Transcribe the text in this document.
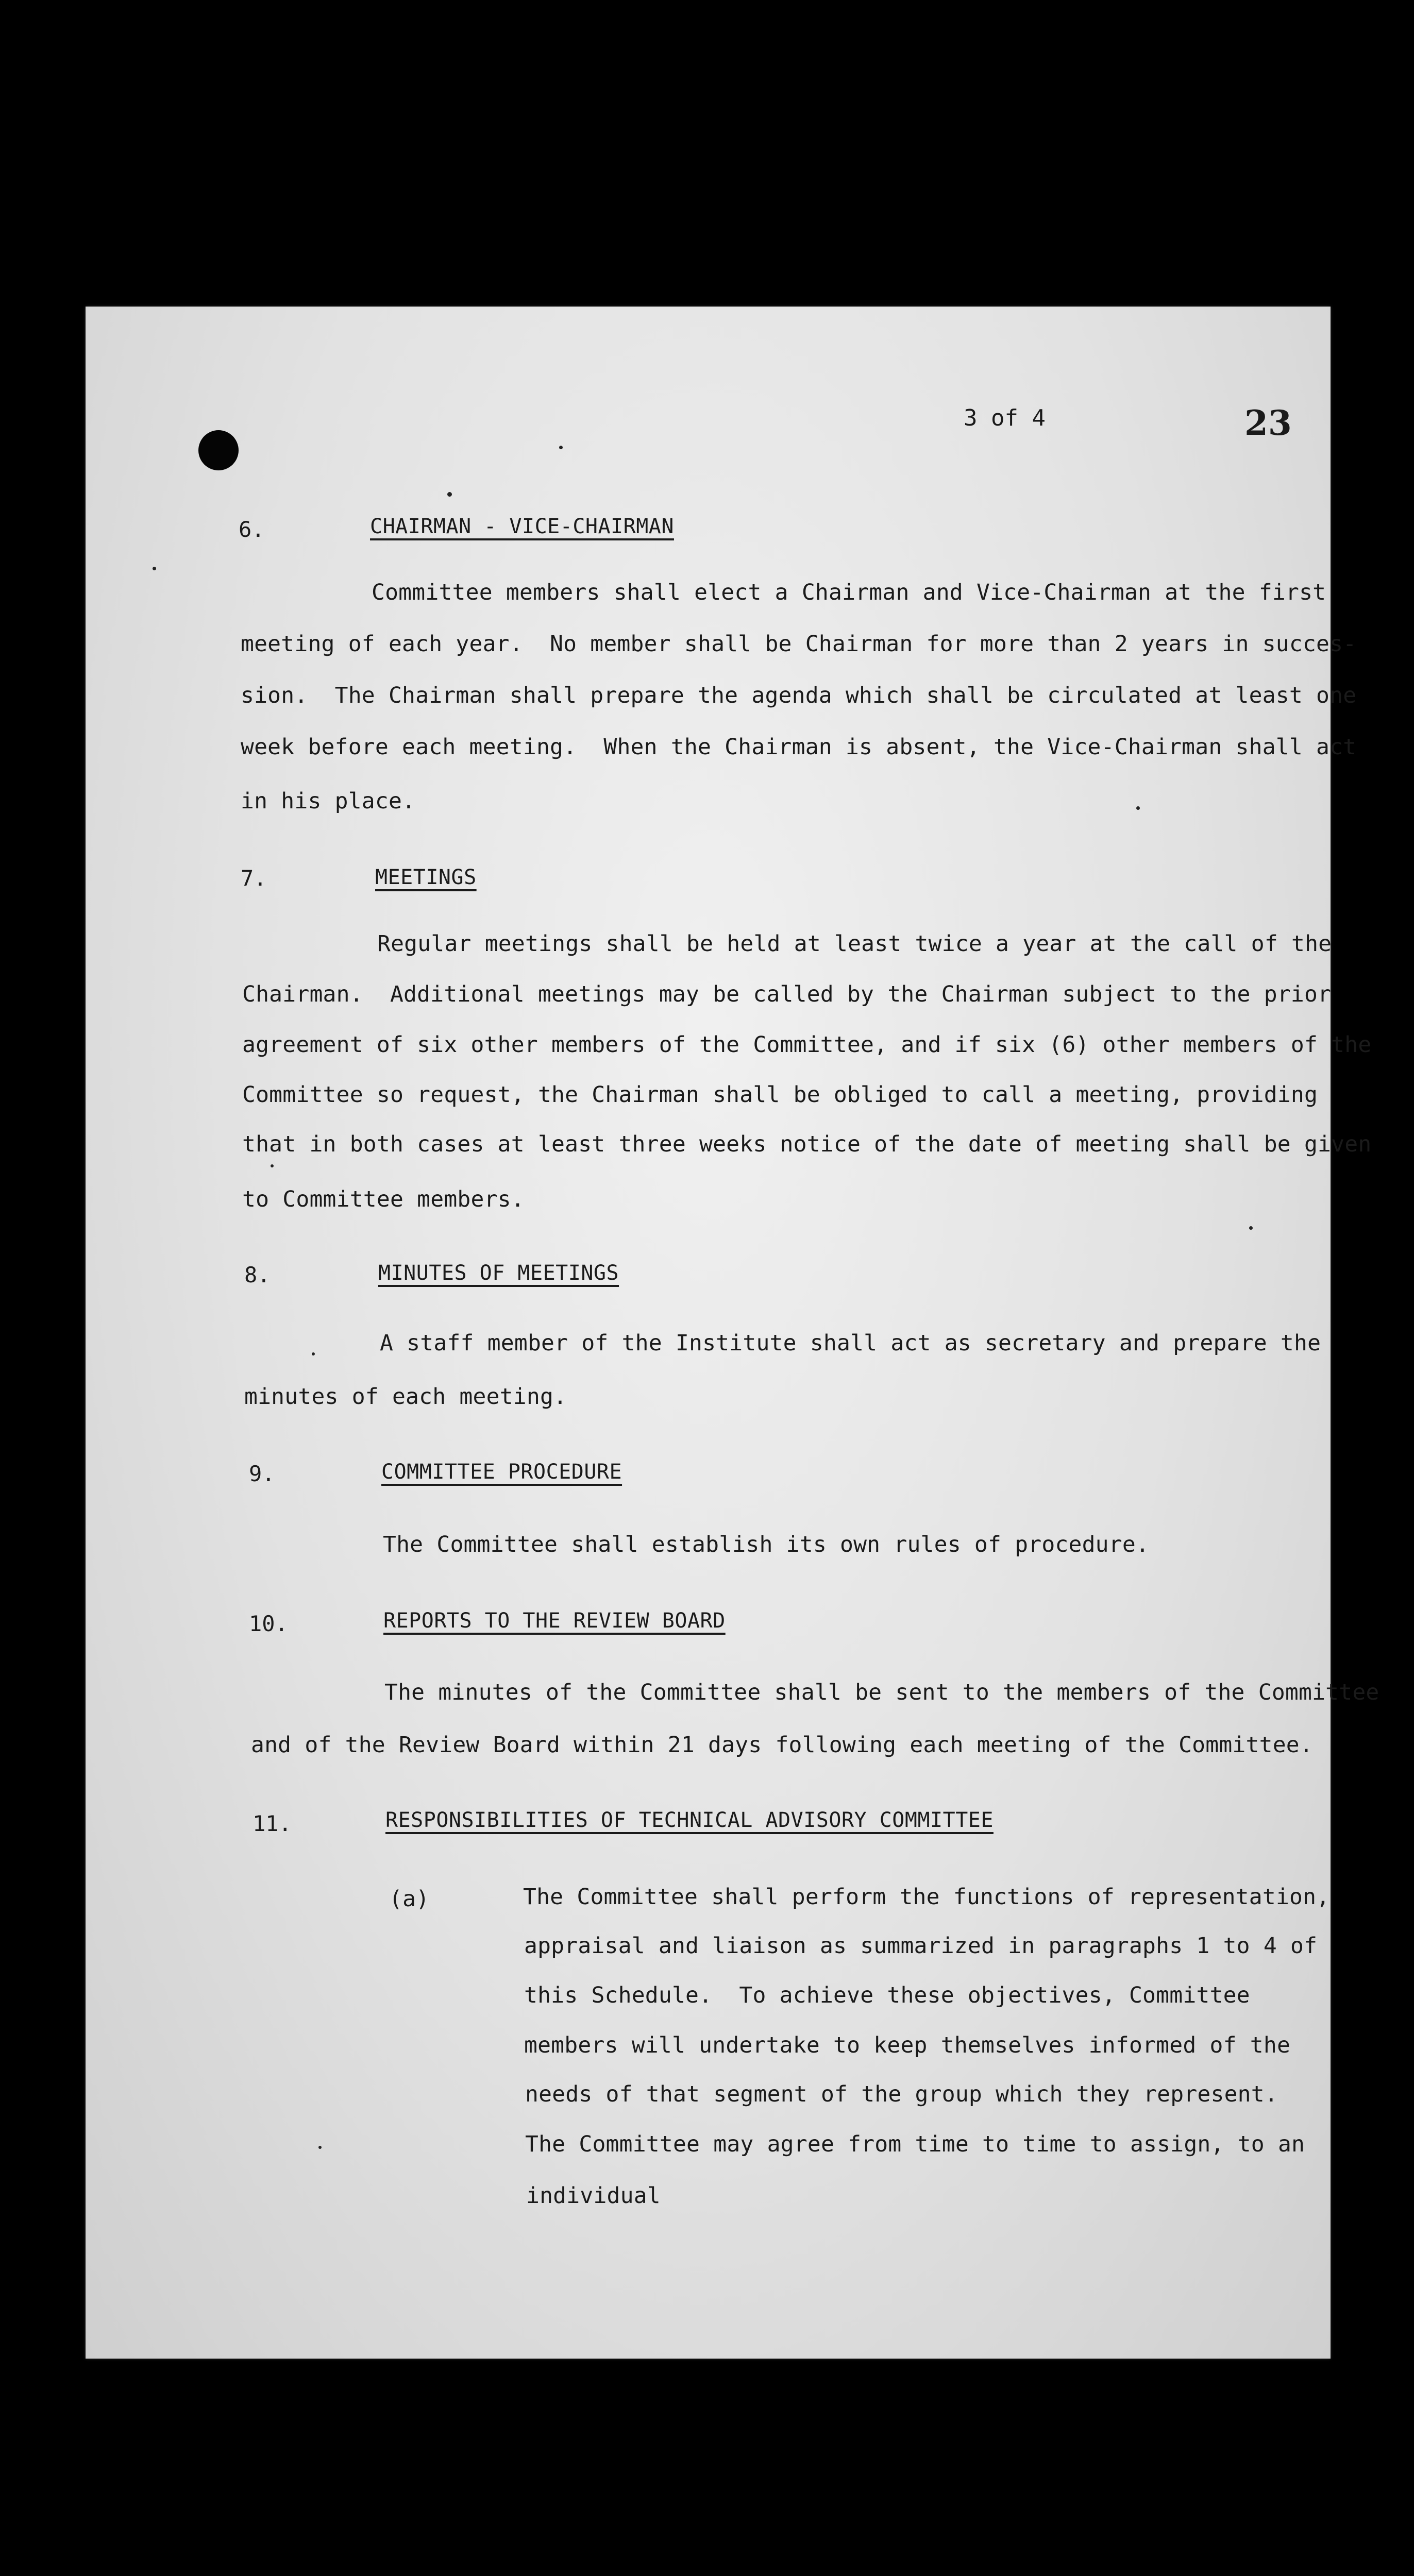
3 of 4	23
6.	CHAIRMAN - VICE-CHAIRMAN
Committee members shall elect a Chairman and Vice-Chairman at the first
meeting of each year.  No member shall be Chairman for more than 2 years in succes-
sion.  The Chairman shall prepare the agenda which shall be circulated at least one
week before each meeting.  When the Chairman is absent, the Vice-Chairman shall act
in his place.
7.	MEETINGS
Regular meetings shall be held at least twice a year at the call of the
Chairman.  Additional meetings may be called by the Chairman subject to the prior
agreement of six other members of the Committee, and if six (6) other members of the
Committee so request, the Chairman shall be obliged to call a meeting, providing
that in both cases at least three weeks notice of the date of meeting shall be given
to Committee members.
8.	MINUTES OF MEETINGS
A staff member of the Institute shall act as secretary and prepare the
minutes of each meeting.
9.	COMMITTEE PROCEDURE
The Committee shall establish its own rules of procedure.
10.	REPORTS TO THE REVIEW BOARD
The minutes of the Committee shall be sent to the members of the Committee
and of the Review Board within 21 days following each meeting of the Committee.
11.	RESPONSIBILITIES OF TECHNICAL ADVISORY COMMITTEE
(a)	The Committee shall perform the functions of representation,
appraisal and liaison as summarized in paragraphs 1 to 4 of
this Schedule.  To achieve these objectives, Committee
members will undertake to keep themselves informed of the
needs of that segment of the group which they represent.
The Committee may agree from time to time to assign, to an
individual
